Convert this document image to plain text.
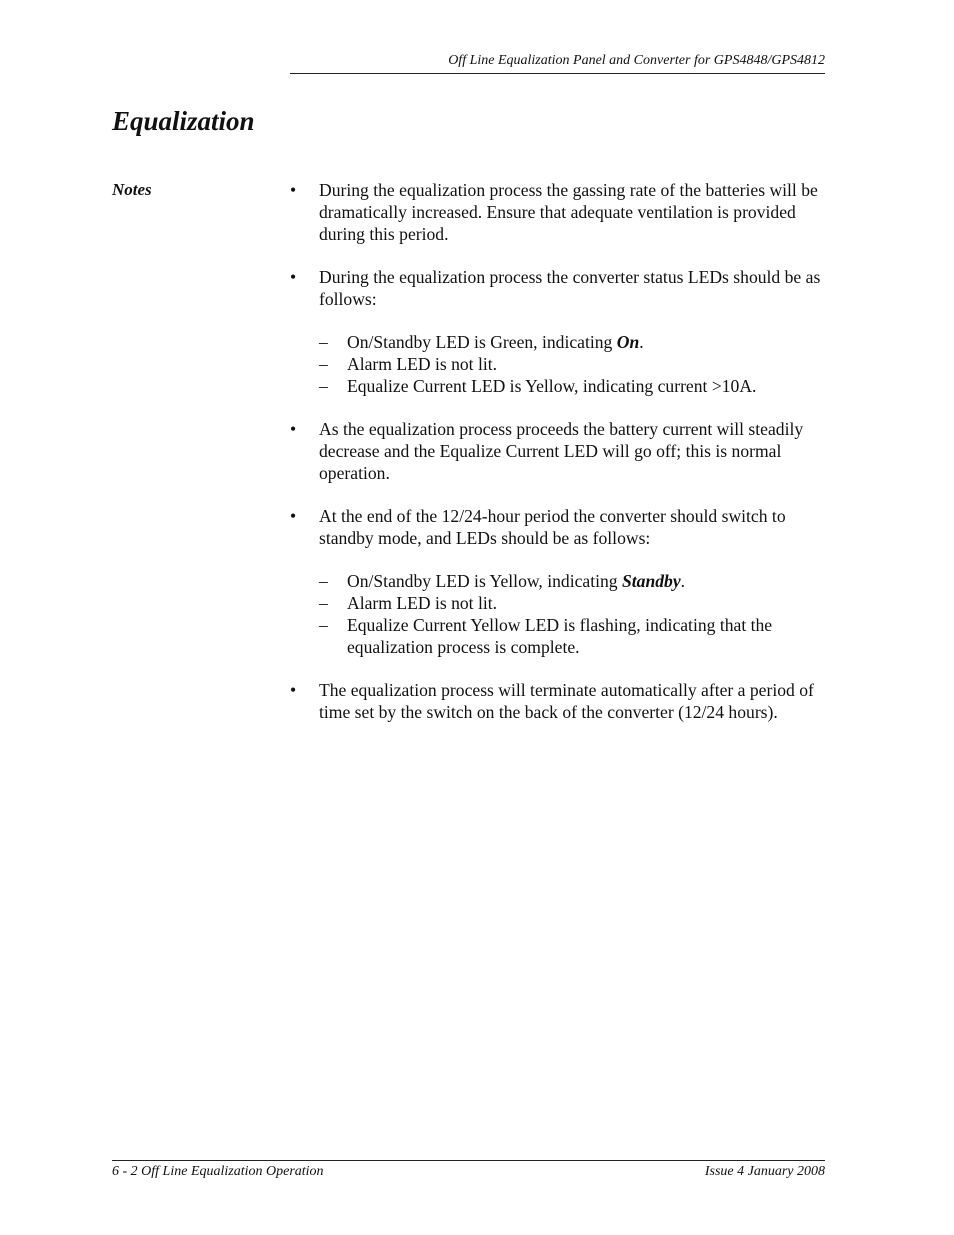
Off Line Equalization Panel and Converter for GPS4848/GPS4812
Equalization
Notes	• During the equalization process the gassing rate of the batteries will be dramatically increased. Ensure that adequate ventilation is provided during this period.
• During the equalization process the converter status LEDs should be as follows:
– On/Standby LED is Green, indicating On.
– Alarm LED is not lit.
– Equalize Current LED is Yellow, indicating current >10A.
• As the equalization process proceeds the battery current will steadily decrease and the Equalize Current LED will go off; this is normal operation.
• At the end of the 12/24-hour period the converter should switch to standby mode, and LEDs should be as follows:
– On/Standby LED is Yellow, indicating Standby.
– Alarm LED is not lit.
– Equalize Current Yellow LED is flashing, indicating that the equalization process is complete.
• The equalization process will terminate automatically after a period of time set by the switch on the back of the converter (12/24 hours).
6 - 2 Off Line Equalization Operation	Issue 4 January 2008
